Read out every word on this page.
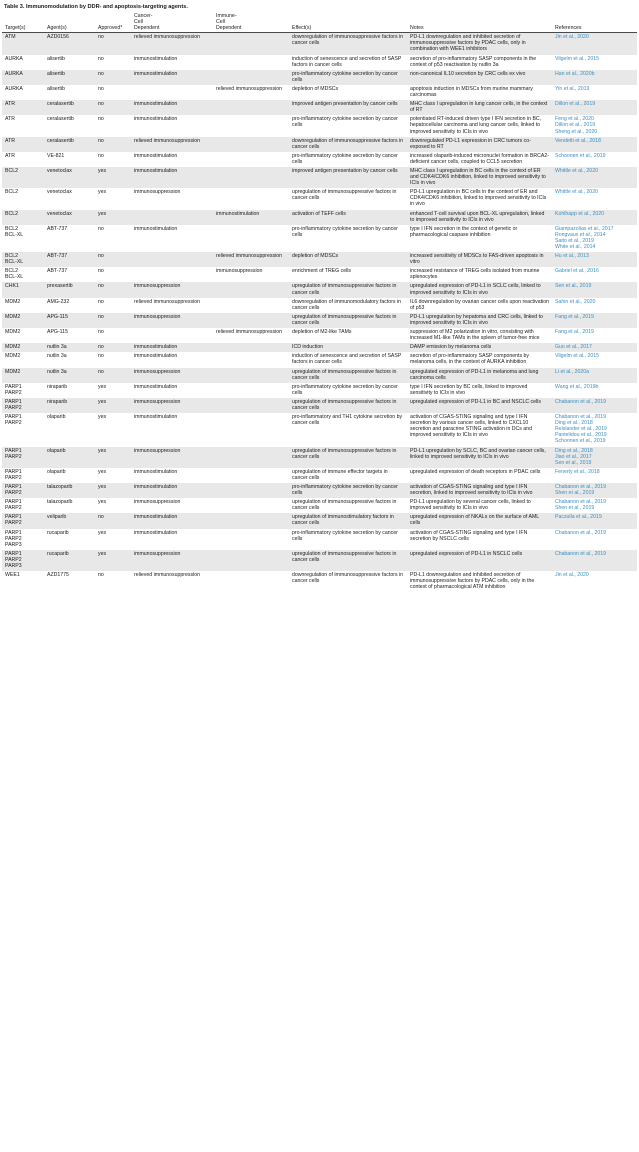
Table 3. Immunomodulation by DDR- and apoptosis-targeting agents.
Target(s)	Agent(s)	Approved*	Cancer-
Cell
Dependent	Immune-
Cell
Dependent	Effect(s)	Notes	References

ATM	AZD0156	no	relieved immunosuppression		downregulation of immunosuppressive factors in cancer cells	PD-L1 downregulation and inhibited secretion of immunosuppressive factors by PDAC cells, only in combination with WEE1 inhibitors	Jin et al., 2020

AURKA	alisertib	no	immunostimulation		induction of senescence and secretion of SASP factors in cancer cells	secretion of pro-inflammatory SASP components in the context of p53 reactivation by nutlin 3a	Vilgelm et al., 2015

AURKA	alisertib	no	immunostimulation		pro-inflammatory cytokine secretion by cancer cells	non-canonical IL10 secretion by CRC cells ex vivo	Han et al., 2020b

AURKA	alisertib	no		relieved immunosuppression	depletion of MDSCs	apoptosis induction in MDSCs from murine mammary carcinomas	Yin et al., 2019

ATR	ceralasertib	no	immunostimulation		improved antigen presentation by cancer cells	MHC class I upregulation in lung cancer cells, in the context of RT	Dillon et al., 2019

ATR	ceralasertib	no	immunostimulation		pro-inflammatory cytokine secretion by cancer cells	potentiated RT-induced driven type I IFN secretion in BC, hepatocellular carcinoma and lung cancer cells, linked to improved sensitivity to ICIs in vivo	Feng et al., 2020
Dillon et al., 2019
Sheng et al., 2020

ATR	ceralasertib	no	relieved immunosuppression		downregulation of immunosuppressive factors in cancer cells	downregulated PD-L1 expression in CRC tumors co-exposed to RT	Vendetti et al., 2018

ATR	VE-821	no	immunostimulation		pro-inflammatory cytokine secretion by cancer cells	increased olaparib-induced micronuclei formation in BRCA2-deficient cancer cells, coupled to CCL5 secretion	Schoonen et al., 2019

BCL2	venetoclax	yes	immunostimulation		improved antigen presentation by cancer cells	MHC class I upregulation in BC cells in the context of ER and CDK4/CDK6 inhibition, linked to improved sensitivity to ICIs in vivo	Whittle et al., 2020

BCL2	venetoclax	yes	immunosuppression		upregulation of immunosuppressive factors in cancer cells	PD-L1 upregulation in BC cells in the context of ER and CDK4/CDK6 inhibition, linked to improved sensitivity to ICIs in vivo	Whittle et al., 2020

BCL2	venetoclax	yes		immunostimulation	activation of TEFF cells	enhanced T-cell survival upon BCL-XL upregulation, linked to improved sensitivity to ICIs in vivo	Kohlhapp et al., 2020

BCL2
BCL-XL	ABT-737	no	immunostimulation		pro-inflammatory cytokine secretion by cancer cells	type I IFN secretion in the context of genetic or pharmacological caspase inhibition	Giampazolias et al., 2017
Rongvaux et al., 2014
Saito et al., 2019
White et al., 2014

BCL2
BCL-XL	ABT-737	no		relieved immunosuppression	depletion of MDSCs	increased sensitivity of MDSCs to FAS-driven apoptosis in vitro	Hu et al., 2013

BCL2
BCL-XL	ABT-737	no		immunosuppression	enrichment of TREG cells	increased resistance of TREG cells isolated from murine splenocytes	Gabriel et al., 2016

CHK1	prexasertib	no	immunosuppression		upregulation of immunosuppressive factors in cancer cells	upregulated expression of PD-L1 in SCLC cells, linked to improved sensitivity to ICIs in vivo	Sen et al., 2019

MDM2	AMG-232	no	relieved immunosuppression		downregulation of immunomodulatory factors in cancer cells	IL6 downregulation by ovarian cancer cells upon reactivation of p53	Sahin et al., 2020

MDM2	APG-115	no	immunosuppression		upregulation of immunosuppressive factors in cancer cells	PD-L1 upregulation by hepatoma and CRC cells, linked to improved sensitivity to ICIs in vivo	Fang et al., 2019

MDM2	APG-115	no		relieved immunosuppression	depletion of M2-like TAMs	suppression of M2 polarization in vitro, consisting with increased M1-like TAMs in the spleen of tumor-free mice	Fang et al., 2019

MDM2	nutlin 3a	no	immunostimulation		ICD induction	DAMP emission by melanoma cells	Guo et al., 2017

MDM2	nutlin 3a	no	immunostimulation		induction of senescence and secretion of SASP factors in cancer cells	secretion of pro-inflammatory SASP components by melanoma cells, in the context of AURKA inhibition	Vilgelm et al., 2015

MDM2	nutlin 3a	no	immunosuppression		upregulation of immunosuppressive factors in cancer cells	upregulated expression of PD-L1 in melanoma and lung carcinoma cells	Li et al., 2020a

PARP1
PARP2	niraparib	yes	immunostimulation		pro-inflammatory cytokine secretion by cancer cells	type I IFN secretion by BC cells, linked to improved sensitivity to ICIs in vivo	Wang et al., 2019b

PARP1
PARP2	niraparib	yes	immunosuppression		upregulation of immunosuppressive factors in cancer cells	upregulated expression of PD-L1 in BC and NSCLC cells	Chabanon et al., 2019

PARP1
PARP2	olaparib	yes	immunostimulation		pro-inflammatory and TH1 cytokine secretion by cancer cells	activation of CGAS-STING signaling and type I IFN secretion by various cancer cells, linked to CXCL10 secretion and paracrine STING activation in DCs and improved sensitivity to ICIs in vivo	Chabanon et al., 2019
Ding et al., 2018
Reislander et al., 2019
Pantelidou et al., 2019
Schoonen et al., 2019

PARP1
PARP2	olaparib	yes	immunosuppression		upregulation of immunosuppressive factors in cancer cells	PD-L1 upregulation by SCLC, BC and ovarian cancer cells, linked to improved sensitivity to ICIs in vivo	Ding et al., 2018
Jiao et al., 2017
Sen et al., 2019

PARP1
PARP2	olaparib	yes	immunostimulation		upregulation of immune effector targets in cancer cells	upregulated expression of death receptors in PDAC cells	Fenerty et al., 2018

PARP1
PARP2	talazoparib	yes	immunostimulation		pro-inflammatory cytokine secretion by cancer cells	activation of CGAS-STING signaling and type I IFN secretion, linked to improved sensitivity to ICIs in vivo	Chabanon et al., 2019
Shen et al., 2019

PARP1
PARP2	talazoparib	yes	immunosuppression		upregulation of immunosuppressive factors in cancer cells	PD-L1 upregulation by several cancer cells, linked to improved sensitivity to ICIs in vivo	Chabanon et al., 2019
Shen et al., 2019

PARP1
PARP2	veliparib	no	immunostimulation		upregulation of immunostimulatory factors in cancer cells	upregulated expression of NKALs on the surface of AML cells	Paczulla et al., 2019

PARP1
PARP2
PARP3	rucaparib	yes	immunostimulation		pro-inflammatory cytokine secretion by cancer cells	activation of CGAS-STING signaling and type I IFN secretion by NSCLC cells	Chabanon et al., 2019

PARP1
PARP2
PARP3	rucaparib	yes	immunosuppression		upregulation of immunosuppressive factors in cancer cells	upregulated expression of PD-L1 in NSCLC cells	Chabanon et al., 2019

WEE1	AZD1775	no	relieved immunosuppression		downregulation of immunosuppressive factors in cancer cells	PD-L1 downregulation and inhibited secretion of immunosuppressive factors by PDAC cells, only in the context of pharmacological ATM inhibition	Jin et al., 2020
